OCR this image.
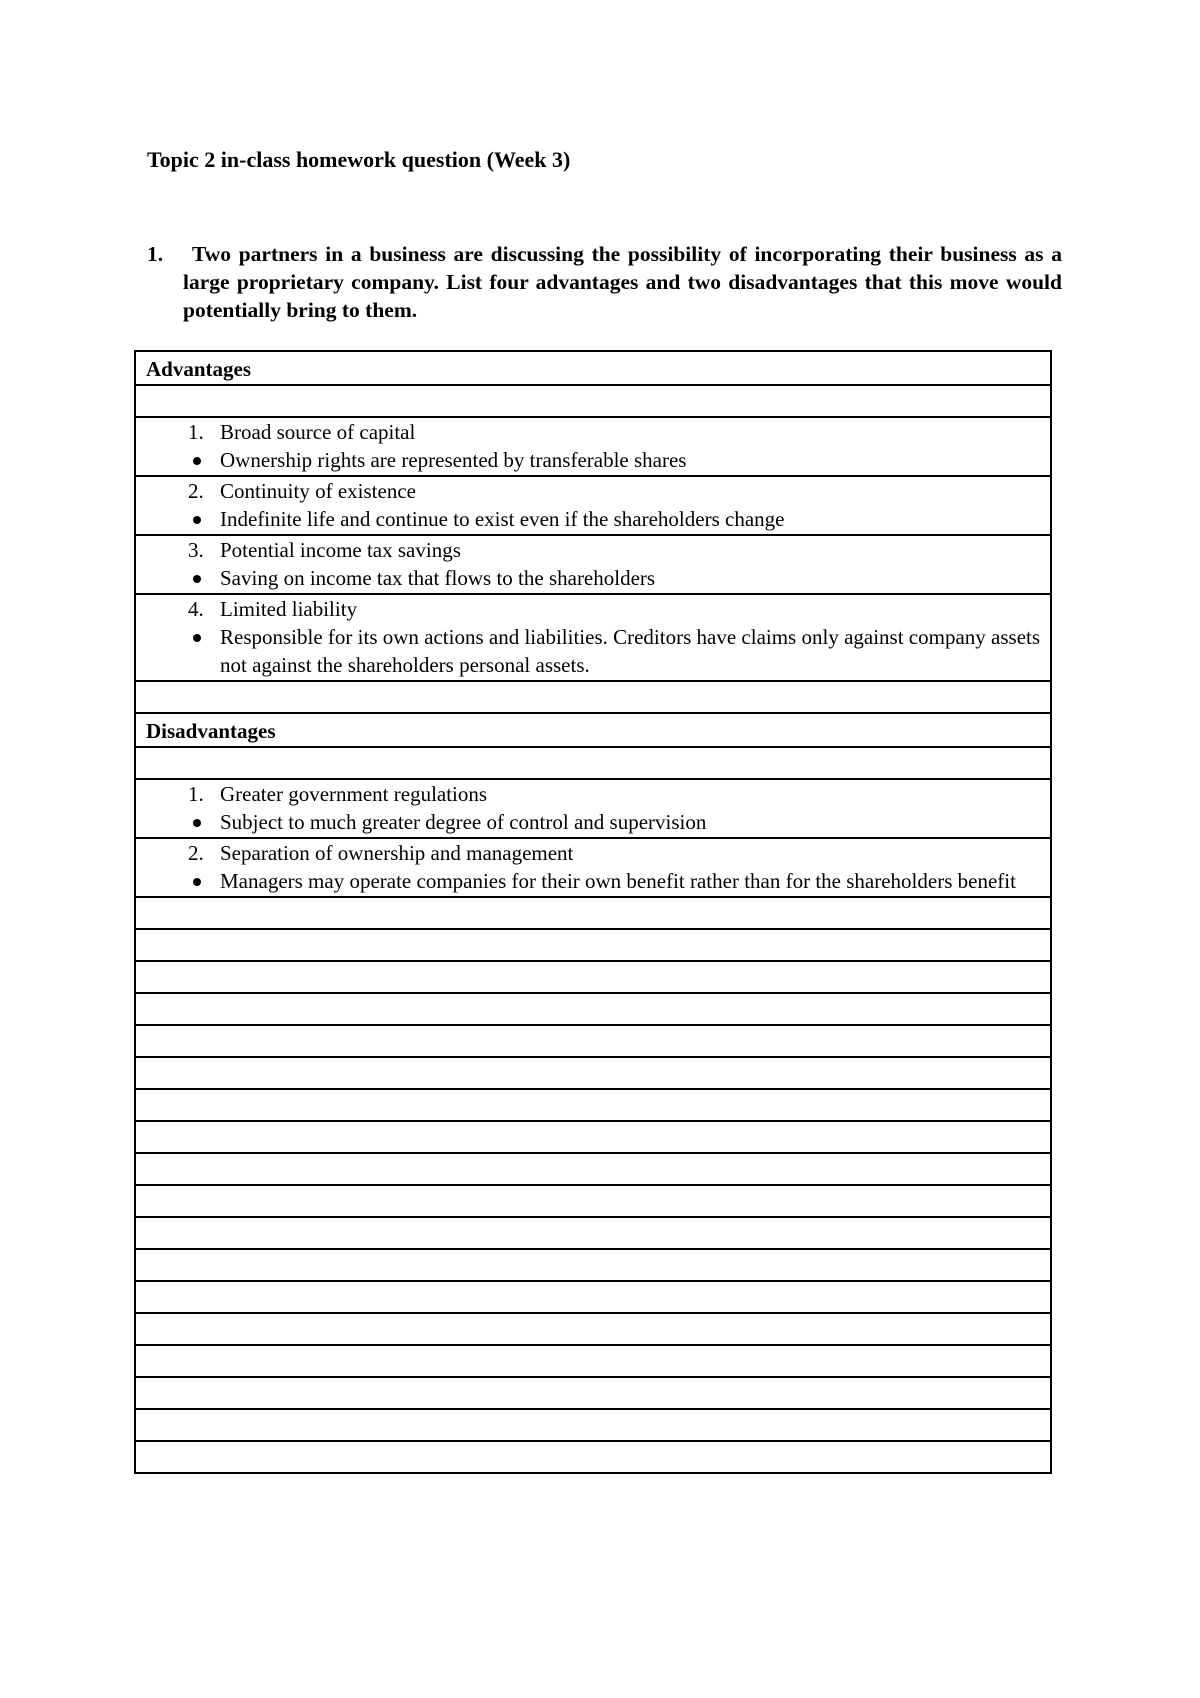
Topic 2 in-class homework question (Week 3)
1.	Two partners in a business are discussing the possibility of incorporating their business as a large proprietary company. List four advantages and two disadvantages that this move would potentially bring to them.
Advantages

1. Broad source of capital
Ownership rights are represented by transferable shares

2. Continuity of existence
Indefinite life and continue to exist even if the shareholders change

3. Potential income tax savings
Saving on income tax that flows to the shareholders

4. Limited liability
Responsible for its own actions and liabilities. Creditors have claims only against company assets not against the shareholders personal assets.

Disadvantages

1. Greater government regulations
Subject to much greater degree of control and supervision

2. Separation of ownership and management
Managers may operate companies for their own benefit rather than for the shareholders benefit
